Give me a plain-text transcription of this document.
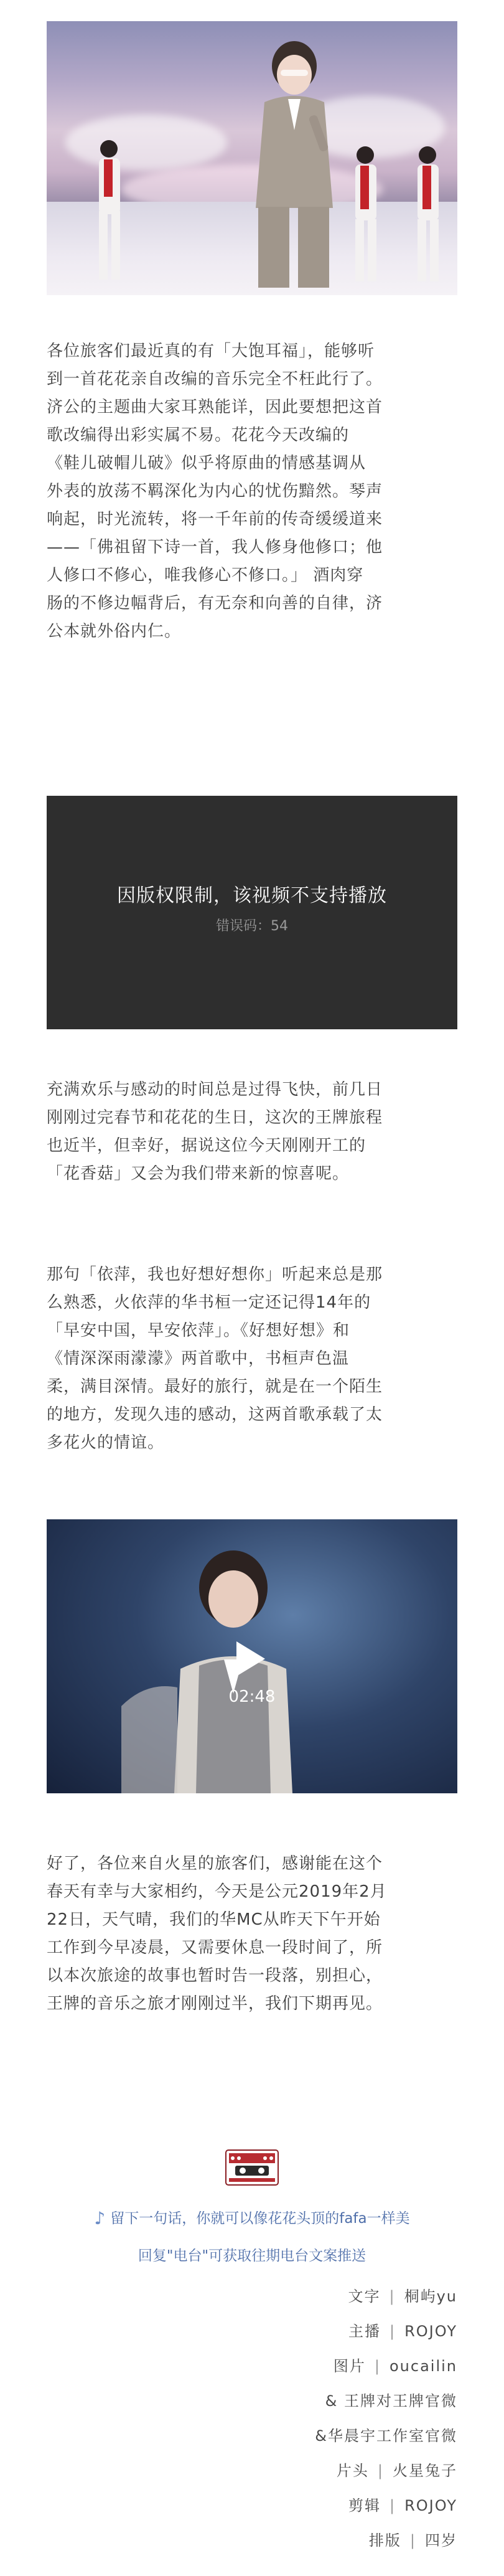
各位旅客们最近真的有「大饱耳福」，能够听
到一首花花亲自改编的音乐完全不枉此行了。
济公的主题曲大家耳熟能详，因此要想把这首
歌改编得出彩实属不易。花花今天改编的
《鞋儿破帽儿破》似乎将原曲的情感基调从
外表的放荡不羁深化为内心的忧伤黯然。琴声
响起，时光流转，将一千年前的传奇缓缓道来
——「佛祖留下诗一首，我人修身他修口；他
人修口不修心，唯我修心不修口。」 酒肉穿
肠的不修边幅背后，有无奈和向善的自律，济
公本就外俗内仁。
因版权限制，该视频不支持播放
错误码：54
充满欢乐与感动的时间总是过得飞快，前几日
刚刚过完春节和花花的生日，这次的王牌旅程
也近半，但幸好，据说这位今天刚刚开工的
「花香菇」又会为我们带来新的惊喜呢。
那句「依萍，我也好想好想你」听起来总是那
么熟悉，火依萍的华书桓一定还记得14年的
「早安中国，早安依萍」。《好想好想》和
《情深深雨濛濛》两首歌中，书桓声色温
柔，满目深情。最好的旅行，就是在一个陌生
的地方，发现久违的感动，这两首歌承载了太
多花火的情谊。
02:48
好了，各位来自火星的旅客们，感谢能在这个
春天有幸与大家相约，今天是公元2019年2月
22日，天气晴，我们的华MC从昨天下午开始
工作到今早凌晨，又需要休息一段时间了，所
以本次旅途的故事也暂时告一段落，别担心，
王牌的音乐之旅才刚刚过半，我们下期再见。
♪ 留下一句话，你就可以像花花头顶的fafa一样美
回复"电台"可获取往期电台文案推送
文字 | 桐屿yu
主播 | ROJOY
图片 | oucailin
& 王牌对王牌官微
&华晨宇工作室官微
片头 | 火星兔子
剪辑 | ROJOY
排版 | 四岁
